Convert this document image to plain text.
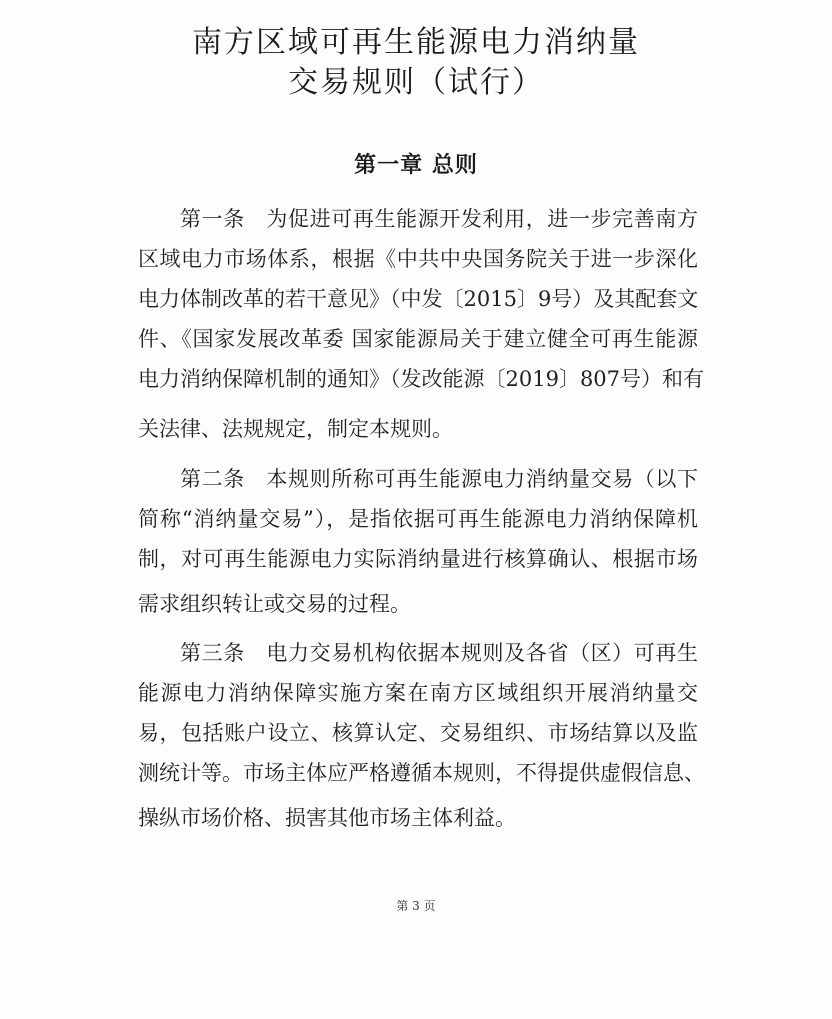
南方区域可再生能源电力消纳量
交易规则（试行）
第一章 总则
第一条　为促进可再生能源开发利用，进一步完善南方
区域电力市场体系，根据《中共中央国务院关于进一步深化
电力体制改革的若干意见》（中发〔2015〕9号）及其配套文
件、《国家发展改革委 国家能源局关于建立健全可再生能源
电力消纳保障机制的通知》（发改能源〔2019〕807号）和有
关法律、法规规定，制定本规则。
第二条　本规则所称可再生能源电力消纳量交易（以下
简称“消纳量交易”），是指依据可再生能源电力消纳保障机
制，对可再生能源电力实际消纳量进行核算确认、根据市场
需求组织转让或交易的过程。
第三条　电力交易机构依据本规则及各省（区）可再生
能源电力消纳保障实施方案在南方区域组织开展消纳量交
易，包括账户设立、核算认定、交易组织、市场结算以及监
测统计等。市场主体应严格遵循本规则，不得提供虚假信息、
操纵市场价格、损害其他市场主体利益。
第 3 页
